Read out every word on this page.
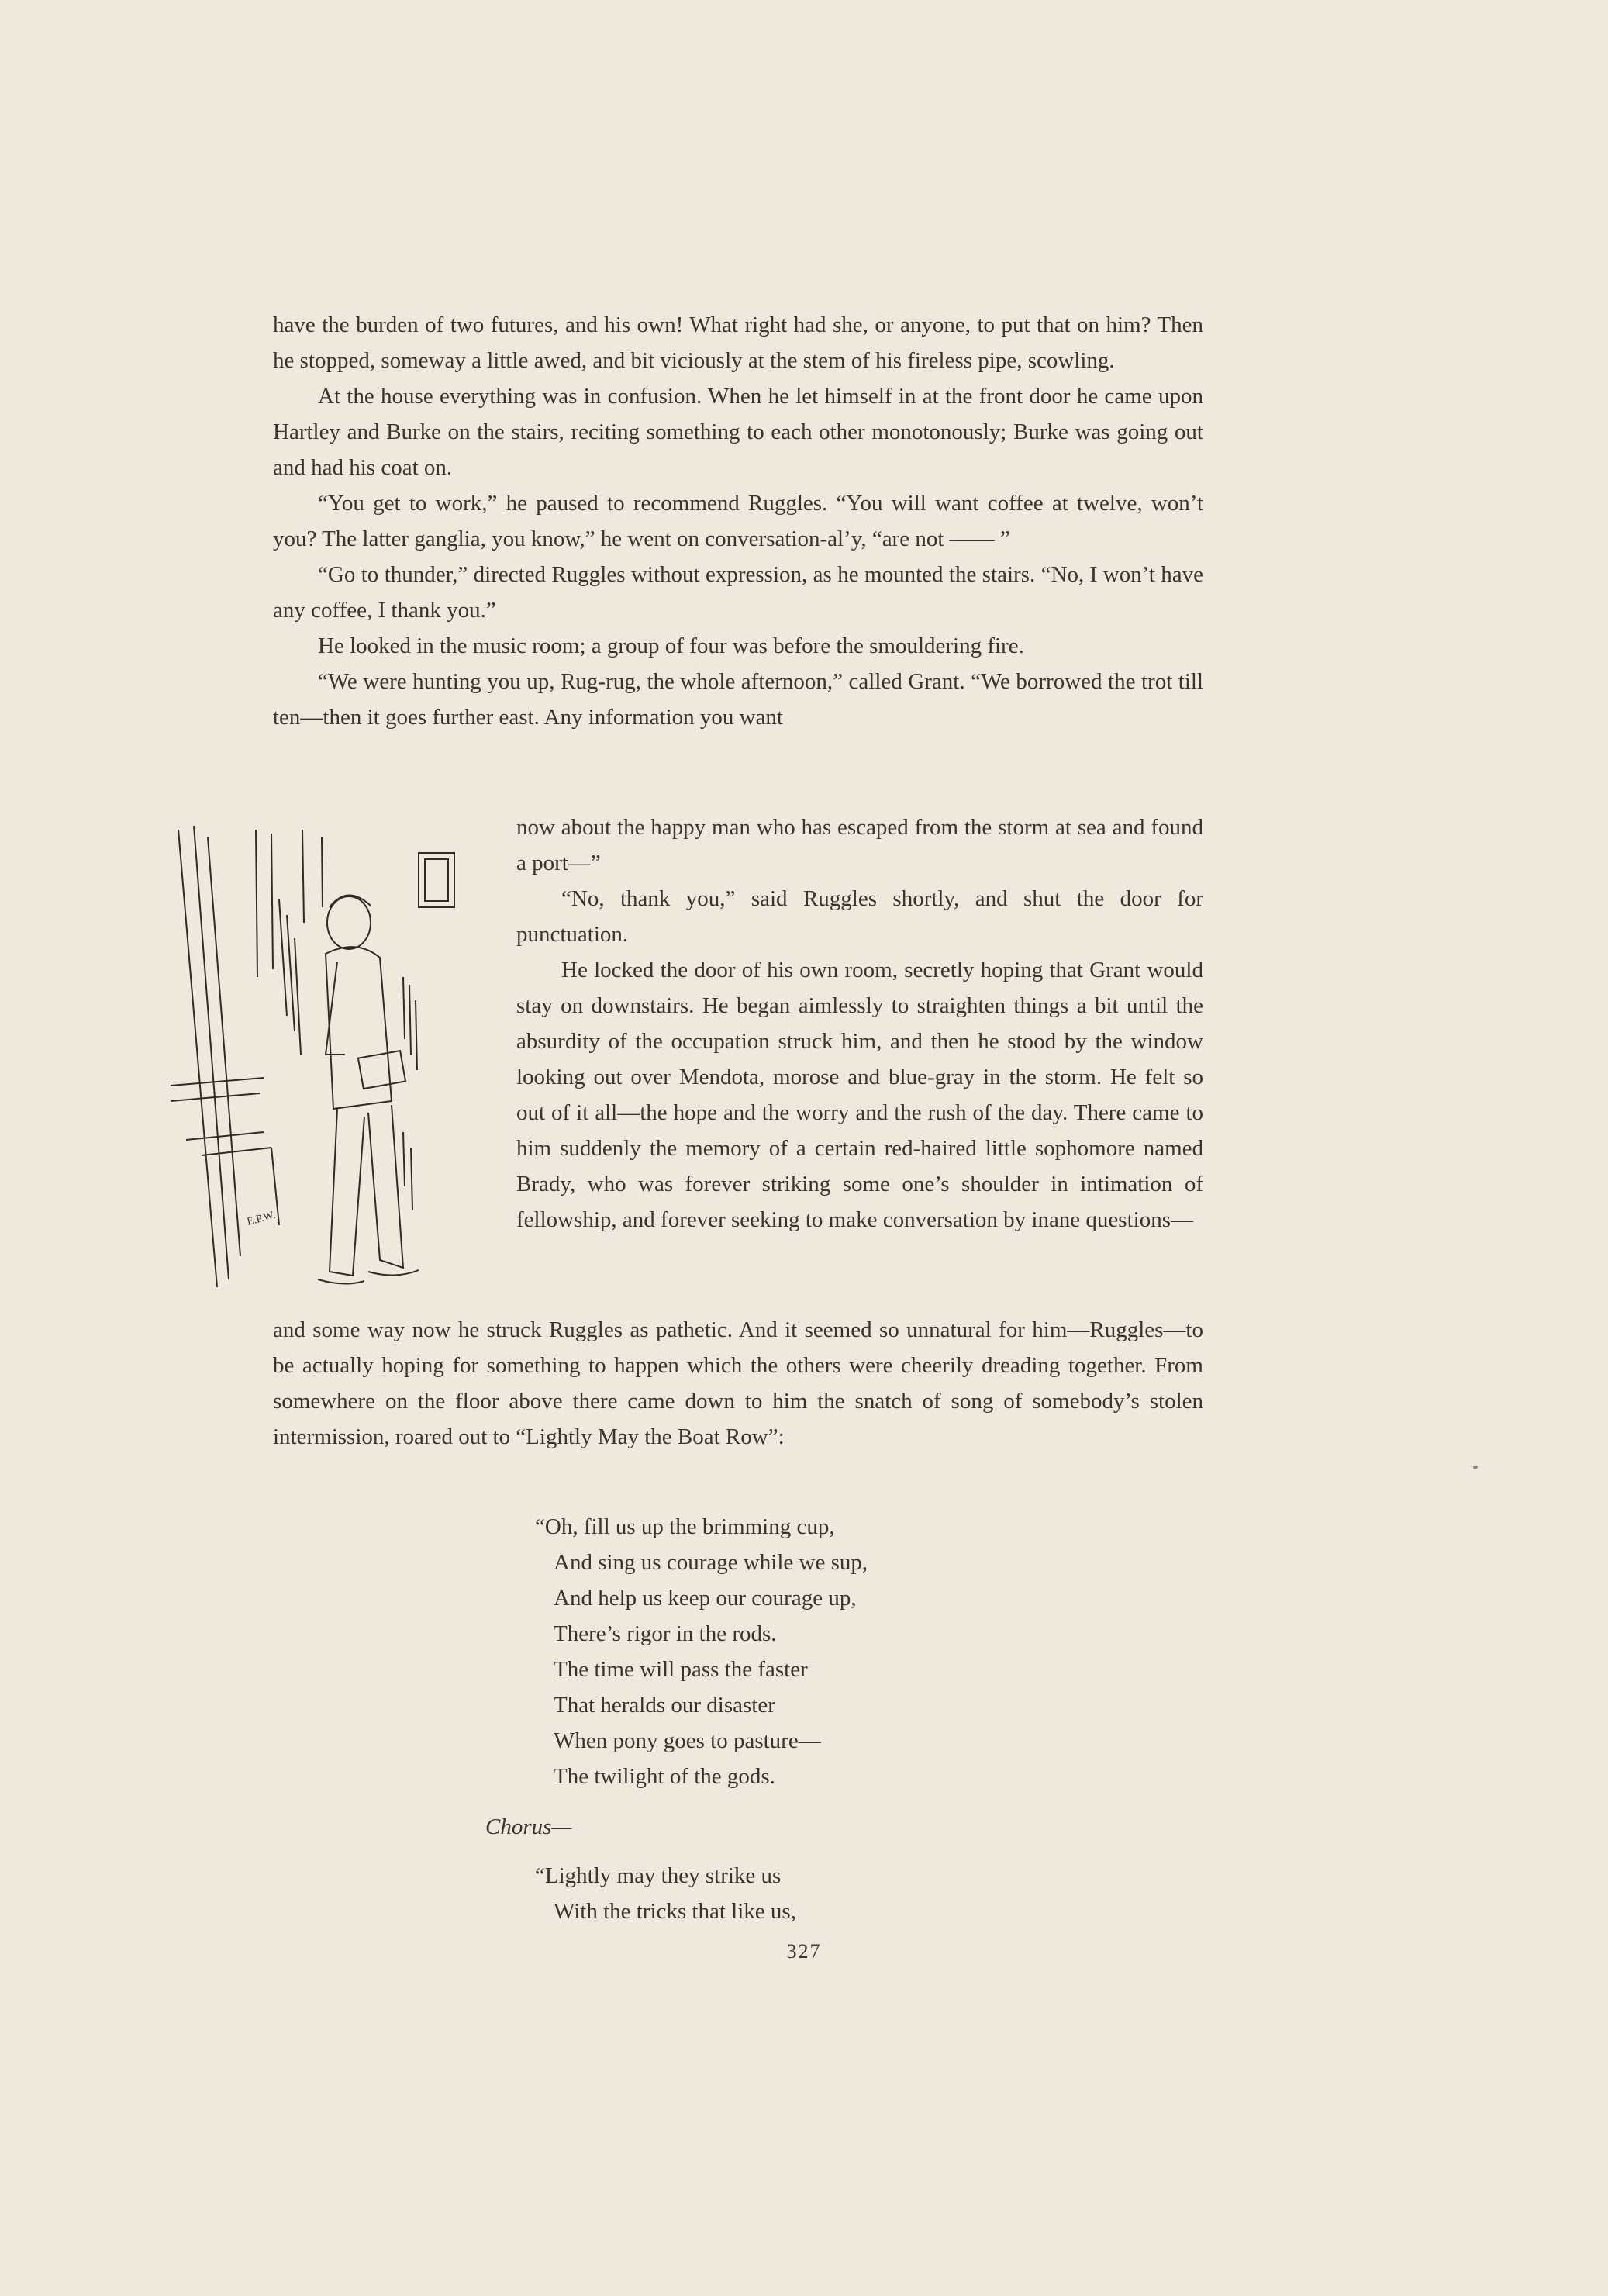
have the burden of two futures, and his own! What right had she, or anyone, to put that on him? Then he stopped, someway a little awed, and bit viciously at the stem of his fireless pipe, scowling.

At the house everything was in confusion. When he let himself in at the front door he came upon Hartley and Burke on the stairs, reciting something to each other monotonously; Burke was going out and had his coat on.

“You get to work,” he paused to recommend Ruggles. “You will want coffee at twelve, won’t you? The latter ganglia, you know,” he went on conversation-al’y, “are not —— ”

“Go to thunder,” directed Ruggles without expression, as he mounted the stairs. “No, I won’t have any coffee, I thank you.”

He looked in the music room; a group of four was before the smouldering fire.

“We were hunting you up, Rug-rug, the whole afternoon,” called Grant. “We borrowed the trot till ten—then it goes further east. Any information you want

E.P.W.

now about the happy man who has escaped from the storm at sea and found a port—”

“No, thank you,” said Ruggles shortly, and shut the door for punctuation.

He locked the door of his own room, secretly hoping that Grant would stay on downstairs. He began aimlessly to straighten things a bit until the absurdity of the occupation struck him, and then he stood by the window looking out over Mendota, morose and blue-gray in the storm. He felt so out of it all—the hope and the worry and the rush of the day. There came to him suddenly the memory of a certain red-haired little sophomore named Brady, who was forever striking some one’s shoulder in intimation of fellowship, and forever seeking to make conversation by inane questions—

and some way now he struck Ruggles as pathetic. And it seemed so unnatural for him—Ruggles—to be actually hoping for something to happen which the others were cheerily dreading together. From somewhere on the floor above there came down to him the snatch of song of somebody’s stolen intermission, roared out to “Lightly May the Boat Row”:

“Oh, fill us up the brimming cup,
And sing us courage while we sup,
And help us keep our courage up,
There’s rigor in the rods.
The time will pass the faster
That heralds our disaster
When pony goes to pasture—
The twilight of the gods.
Chorus—
“Lightly may they strike us
With the tricks that like us,
327
